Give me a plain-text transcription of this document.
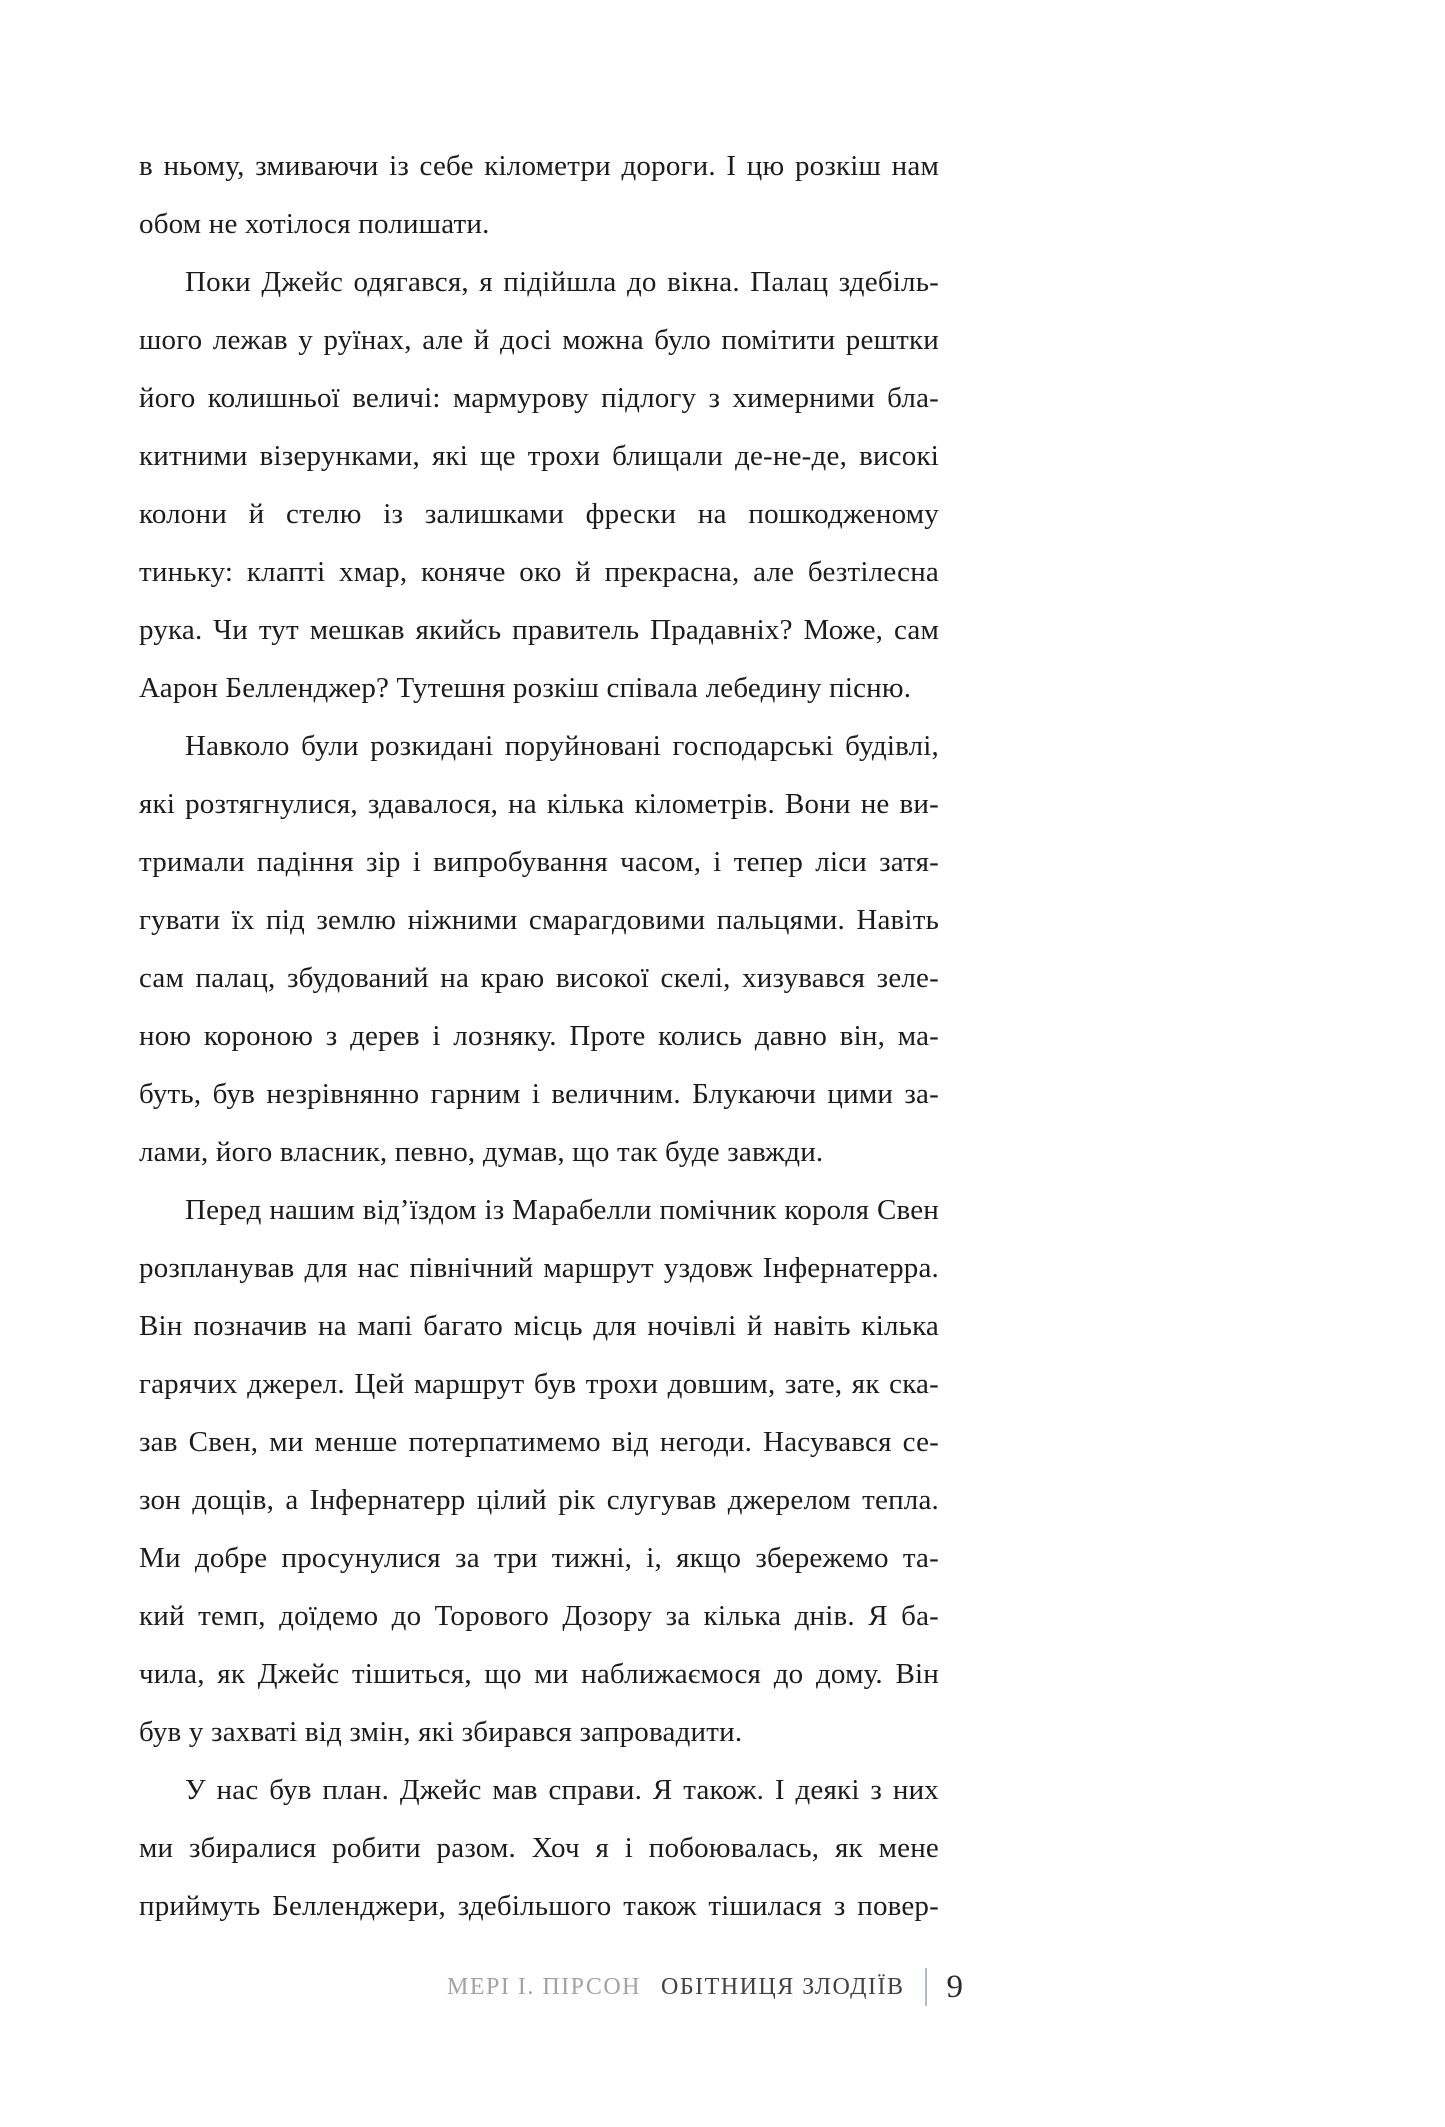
в ньому, змиваючи із себе кілометри дороги. І цю розкіш нам
обом не хотілося полишати.
Поки Джейс одягався, я підійшла до вікна. Палац здебіль-
шого лежав у руїнах, але й досі можна було помітити рештки
його колишньої величі: мармурову підлогу з химерними бла-
китними візерунками, які ще трохи блищали де-не-де, високі
колони й стелю із залишками фрески на пошкодженому
тиньку: клапті хмар, коняче око й прекрасна, але безтілесна
рука. Чи тут мешкав якийсь правитель Прадавніх? Може, сам
Аарон Белленджер? Тутешня розкіш співала лебедину пісню.
Навколо були розкидані поруйновані господарські будівлі,
які розтягнулися, здавалося, на кілька кілометрів. Вони не ви-
тримали падіння зір і випробування часом, і тепер ліси затя-
гувати їх під землю ніжними смарагдовими пальцями. Навіть
сам палац, збудований на краю високої скелі, хизувався зеле-
ною короною з дерев і лозняку. Проте колись давно він, ма-
буть, був незрівнянно гарним і величним. Блукаючи цими за-
лами, його власник, певно, думав, що так буде завжди.
Перед нашим від’їздом із Марабелли помічник короля Свен
розпланував для нас північний маршрут уздовж Інфернатерра.
Він позначив на мапі багато місць для ночівлі й навіть кілька
гарячих джерел. Цей маршрут був трохи довшим, зате, як ска-
зав Свен, ми менше потерпатимемо від негоди. Насувався се-
зон дощів, а Інфернатерр цілий рік слугував джерелом тепла.
Ми добре просунулися за три тижні, і, якщо збережемо та-
кий темп, доїдемо до Торового Дозору за кілька днів. Я ба-
чила, як Джейс тішиться, що ми наближаємося до дому. Він
був у захваті від змін, які збирався запровадити.
У нас був план. Джейс мав справи. Я також. І деякі з них
ми збиралися робити разом. Хоч я і побоювалась, як мене
приймуть Белленджери, здебільшого також тішилася з повер-
МЕРІ І. ПІРСОН ОБІТНИЦЯ ЗЛОДІЇВ 9
